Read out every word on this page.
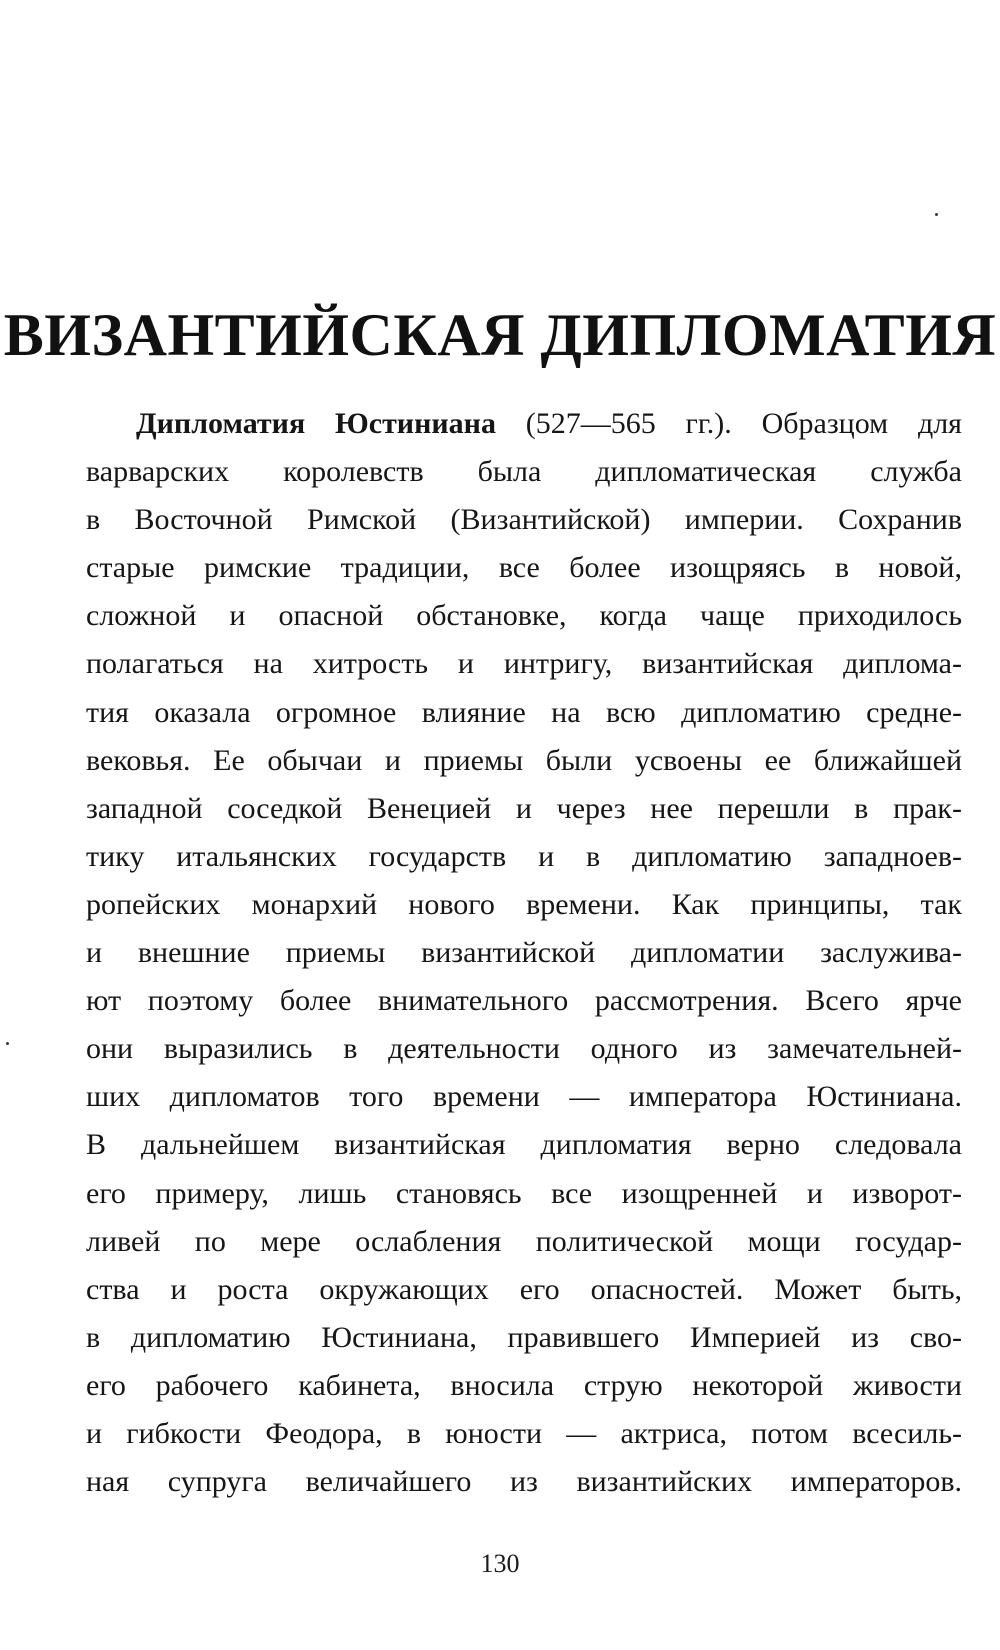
ВИЗАНТИЙСКАЯ ДИПЛОМАТИЯ
Дипломатия Юстиниана (527—565 гг.). Образцом для
варварских королевств была дипломатическая служба
в Восточной Римской (Византийской) империи. Сохранив
старые римские традиции, все более изощряясь в новой,
сложной и опасной обстановке, когда чаще приходилось
полагаться на хитрость и интригу, византийская диплома-
тия оказала огромное влияние на всю дипломатию средне-
вековья. Ее обычаи и приемы были усвоены ее ближайшей
западной соседкой Венецией и через нее перешли в прак-
тику итальянских государств и в дипломатию западноев-
ропейских монархий нового времени. Как принципы, так
и внешние приемы византийской дипломатии заслужива-
ют поэтому более внимательного рассмотрения. Всего ярче
они выразились в деятельности одного из замечательней-
ших дипломатов того времени — императора Юстиниана.
В дальнейшем византийская дипломатия верно следовала
его примеру, лишь становясь все изощренней и изворот-
ливей по мере ослабления политической мощи государ-
ства и роста окружающих его опасностей. Может быть,
в дипломатию Юстиниана, правившего Империей из сво-
его рабочего кабинета, вносила струю некоторой живости
и гибкости Феодора, в юности — актриса, потом всесиль-
ная супруга величайшего из византийских императоров.
130
